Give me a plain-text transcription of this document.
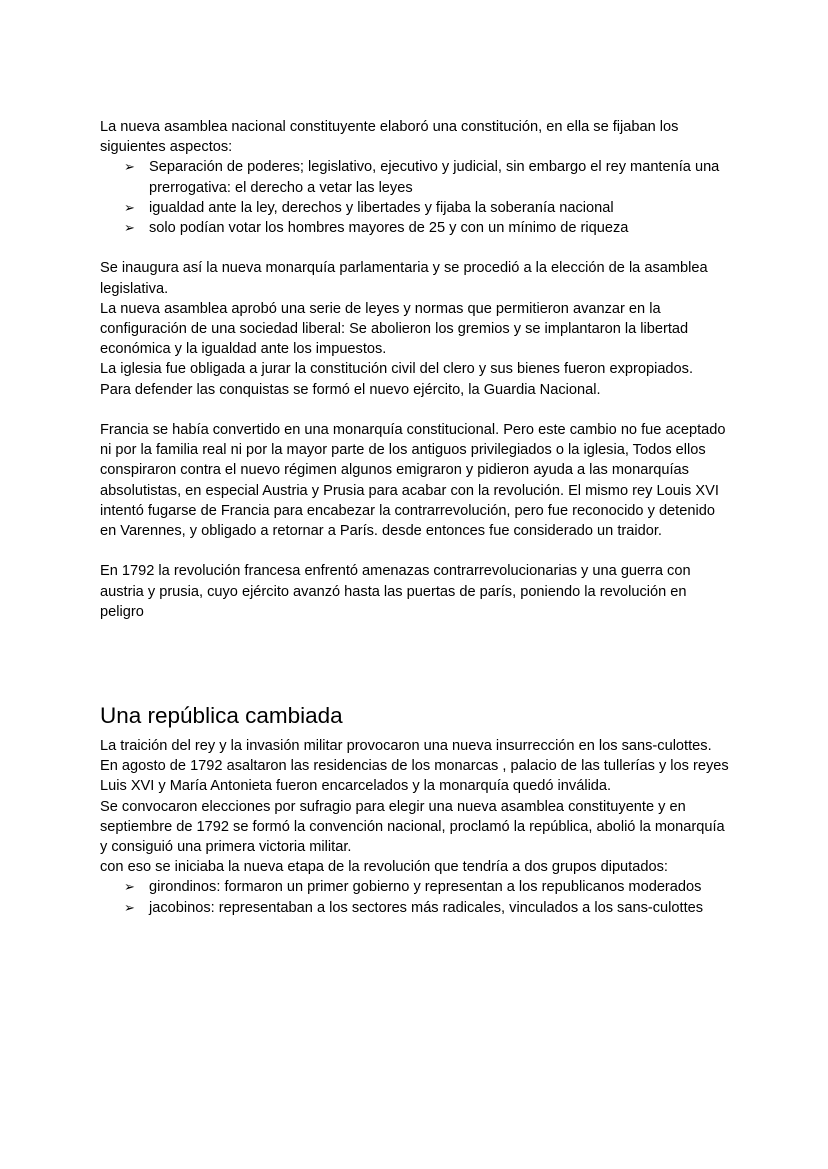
La nueva asamblea nacional constituyente elaboró una constitución, en ella se fijaban los siguientes aspectos:

➢ Separación de poderes; legislativo, ejecutivo y judicial, sin embargo el rey mantenía una prerrogativa: el derecho a vetar las leyes
➢ igualdad ante la ley, derechos y libertades y fijaba la soberanía nacional
➢ solo podían votar los hombres mayores de 25 y con un mínimo de riqueza

Se inaugura así la nueva monarquía parlamentaria y se procedió a la elección de la asamblea legislativa.

La nueva asamblea aprobó una serie de leyes y normas que permitieron avanzar en la configuración de una sociedad liberal: Se abolieron los gremios y se implantaron la libertad económica y la igualdad ante los impuestos.

La iglesia fue obligada a jurar la constitución civil del clero y sus bienes fueron expropiados.

Para defender las conquistas se formó el nuevo ejército, la Guardia Nacional.

Francia se había convertido en una monarquía constitucional. Pero este cambio no fue aceptado ni por la familia real ni por la mayor parte de los antiguos privilegiados o la iglesia, Todos ellos conspiraron contra el nuevo régimen algunos emigraron y pidieron ayuda a las monarquías absolutistas, en especial Austria y Prusia para acabar con la revolución. El mismo rey Louis XVI intentó fugarse de Francia para encabezar la contrarrevolución, pero fue reconocido y detenido en Varennes, y obligado a retornar a París. desde entonces fue considerado un traidor.

En 1792 la revolución francesa enfrentó amenazas contrarrevolucionarias y una guerra con austria y prusia, cuyo ejército avanzó hasta las puertas de parís, poniendo la revolución en peligro

Una república cambiada

La traición del rey y la invasión militar provocaron una nueva insurrección en los sans-culottes. En agosto de 1792 asaltaron las residencias de los monarcas , palacio de las tullerías y los reyes Luis XVI y María Antonieta fueron encarcelados y la monarquía quedó inválida.

Se convocaron elecciones por sufragio para elegir una nueva asamblea constituyente y en septiembre de 1792 se formó la convención nacional, proclamó la república, abolió la monarquía y consiguió una primera victoria militar.

con eso se iniciaba la nueva etapa de la revolución que tendría a dos grupos diputados:

➢ girondinos: formaron un primer gobierno y representan a los republicanos moderados
➢ jacobinos: representaban a los sectores más radicales, vinculados a los sans-culottes
